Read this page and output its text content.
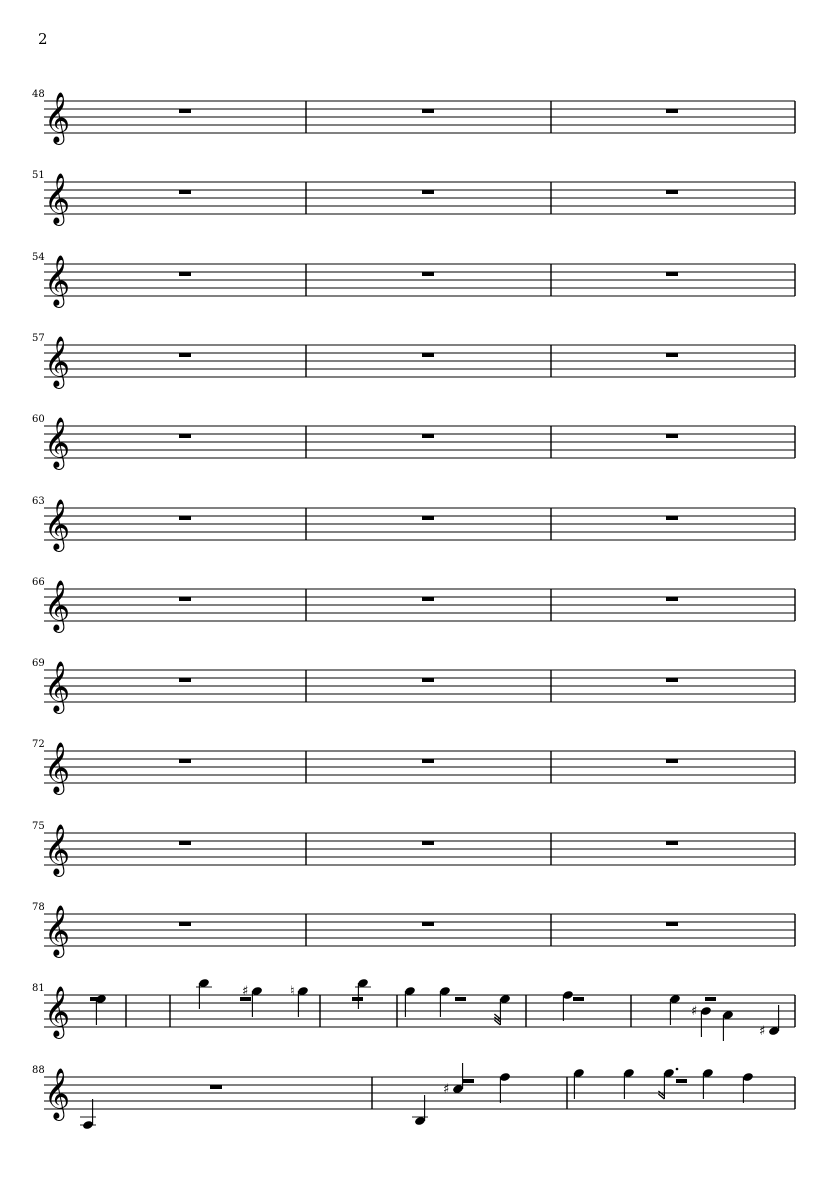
2
48
51
54
57
60
63
66
69
72
75
78
81
88
𝄞
𝄞
𝄞
𝄞
𝄞
𝄞
𝄞
𝄞
𝄞
𝄞
𝄞
𝄞	♯	♮
♯
♯
𝄞	♯
